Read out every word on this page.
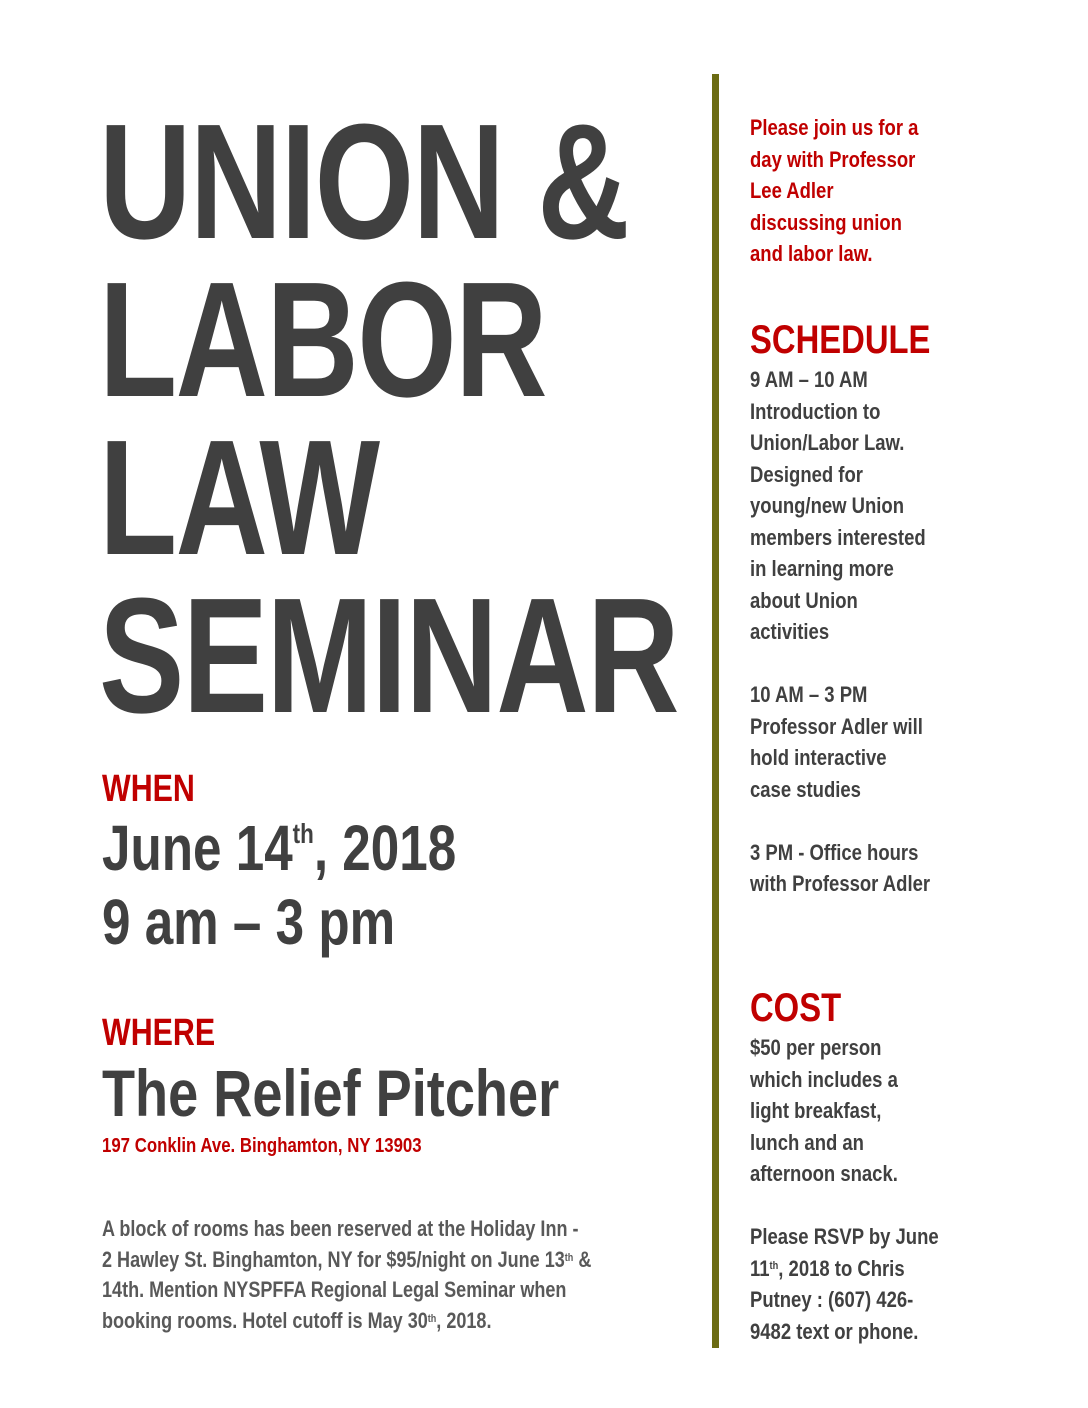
UNION &
LABOR
LAW
SEMINAR
WHEN
June 14th, 2018
9 am – 3 pm
WHERE
The Relief Pitcher
197 Conklin Ave. Binghamton, NY 13903
A block of rooms has been reserved at the Holiday Inn -
2 Hawley St. Binghamton, NY for $95/night on June 13th &
14th. Mention NYSPFFA Regional Legal Seminar when
booking rooms. Hotel cutoff is May 30th, 2018.
Please join us for a
day with Professor
Lee Adler
discussing union
and labor law.
SCHEDULE
9 AM – 10 AM
Introduction to
Union/Labor Law.
Designed for
young/new Union
members interested
in learning more
about Union
activities

10 AM – 3 PM
Professor Adler will
hold interactive
case studies

3 PM - Office hours
with Professor Adler
COST
$50 per person
which includes a
light breakfast,
lunch and an
afternoon snack.

Please RSVP by June
11th, 2018 to Chris
Putney : (607) 426-
9482 text or phone.
